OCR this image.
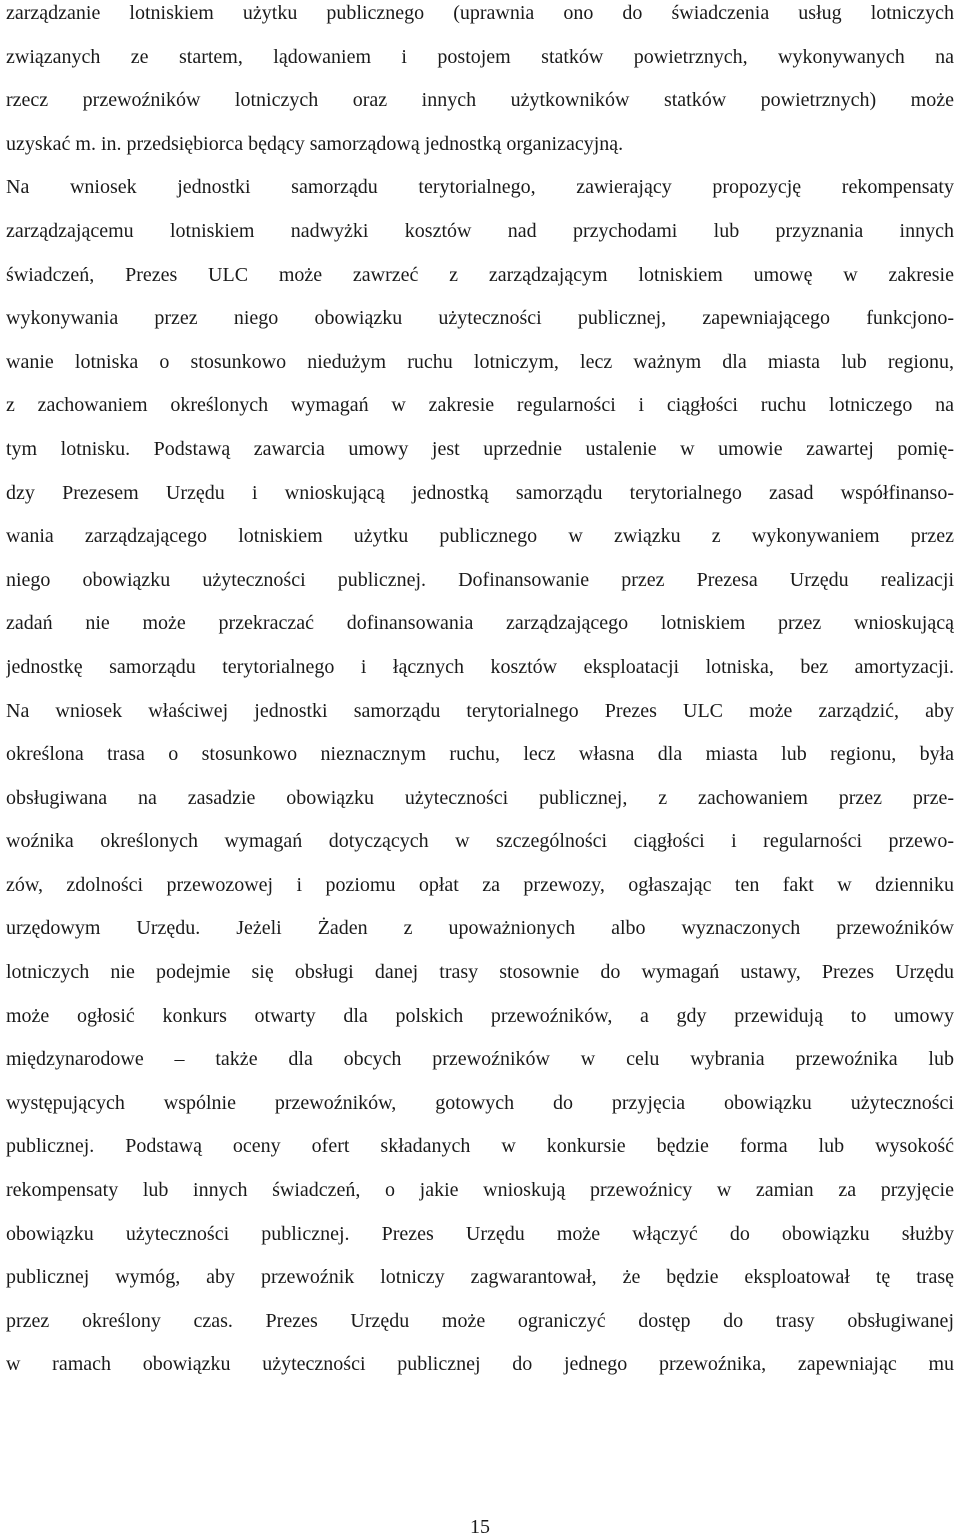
zarządzanie lotniskiem użytku publicznego (uprawnia ono do świadczenia usług lotniczych
związanych ze startem, lądowaniem i postojem statków powietrznych, wykonywanych na
rzecz przewoźników lotniczych oraz innych użytkowników statków powietrznych) może
uzyskać m. in. przedsiębiorca będący samorządową jednostką organizacyjną.
Na wniosek jednostki samorządu terytorialnego, zawierający propozycję rekompensaty
zarządzającemu lotniskiem nadwyżki kosztów nad przychodami lub przyznania innych
świadczeń, Prezes ULC może zawrzeć z zarządzającym lotniskiem umowę w zakresie
wykonywania przez niego obowiązku użyteczności publicznej, zapewniającego funkcjono-
wanie lotniska o stosunkowo niedużym ruchu lotniczym, lecz ważnym dla miasta lub regionu,
z zachowaniem określonych wymagań w zakresie regularności i ciągłości ruchu lotniczego na
tym lotnisku. Podstawą zawarcia umowy jest uprzednie ustalenie w umowie zawartej pomię-
dzy Prezesem Urzędu i wnioskującą jednostką samorządu terytorialnego zasad współfinanso-
wania zarządzającego lotniskiem użytku publicznego w związku z wykonywaniem przez
niego obowiązku użyteczności publicznej. Dofinansowanie przez Prezesa Urzędu realizacji
zadań nie może przekraczać dofinansowania zarządzającego lotniskiem przez wnioskującą
jednostkę samorządu terytorialnego i łącznych kosztów eksploatacji lotniska, bez amortyzacji.
Na wniosek właściwej jednostki samorządu terytorialnego Prezes ULC może zarządzić, aby
określona trasa o stosunkowo nieznacznym ruchu, lecz własna dla miasta lub regionu, była
obsługiwana na zasadzie obowiązku użyteczności publicznej, z zachowaniem przez prze-
woźnika określonych wymagań dotyczących w szczególności ciągłości i regularności przewo-
zów, zdolności przewozowej i poziomu opłat za przewozy, ogłaszając ten fakt w dzienniku
urzędowym Urzędu. Jeżeli Żaden z upoważnionych albo wyznaczonych przewoźników
lotniczych nie podejmie się obsługi danej trasy stosownie do wymagań ustawy, Prezes Urzędu
może ogłosić konkurs otwarty dla polskich przewoźników, a gdy przewidują to umowy
międzynarodowe – także dla obcych przewoźników w celu wybrania przewoźnika lub
występujących wspólnie przewoźników, gotowych do przyjęcia obowiązku użyteczności
publicznej. Podstawą oceny ofert składanych w konkursie będzie forma lub wysokość
rekompensaty lub innych świadczeń, o jakie wnioskują przewoźnicy w zamian za przyjęcie
obowiązku użyteczności publicznej. Prezes Urzędu może włączyć do obowiązku służby
publicznej wymóg, aby przewoźnik lotniczy zagwarantował, że będzie eksploatował tę trasę
przez określony czas. Prezes Urzędu może ograniczyć dostęp do trasy obsługiwanej
w ramach obowiązku użyteczności publicznej do jednego przewoźnika, zapewniając mu
15
